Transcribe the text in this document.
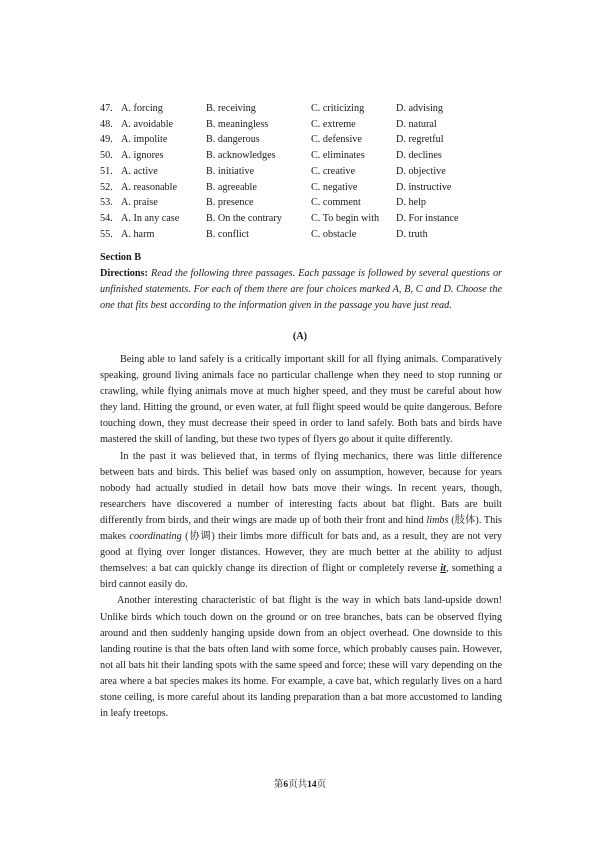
47. A. forcing	B. receiving	C. criticizing	D. advising
48. A. avoidable	B. meaningless	C. extreme	D. natural
49. A. impolite	B. dangerous	C. defensive	D. regretful
50. A. ignores	B. acknowledges	C. eliminates	D. declines
51. A. active	B. initiative	C. creative	D. objective
52. A. reasonable	B. agreeable	C. negative	D. instructive
53. A. praise	B. presence	C. comment	D. help
54. A. In any case	B. On the contrary	C. To begin with	D. For instance
55. A. harm	B. conflict	C. obstacle	D. truth
Section B
Directions: Read the following three passages. Each passage is followed by several questions or unfinished statements. For each of them there are four choices marked A, B, C and D. Choose the one that fits best according to the information given in the passage you have just read.
(A)

Being able to land safely is a critically important skill for all flying animals. Comparatively speaking, ground living animals face no particular challenge when they need to stop running or crawling, while flying animals move at much higher speed, and they must be careful about how they land. Hitting the ground, or even water, at full flight speed would be quite dangerous. Before touching down, they must decrease their speed in order to land safely. Both bats and birds have mastered the skill of landing, but these two types of flyers go about it quite differently.

In the past it was believed that, in terms of flying mechanics, there was little difference between bats and birds. This belief was based only on assumption, however, because for years nobody had actually studied in detail how bats move their wings. In recent years, though, researchers have discovered a number of interesting facts about bat flight. Bats are built differently from birds, and their wings are made up of both their front and hind limbs (肢体). This makes coordinating (协调) their limbs more difficult for bats and, as a result, they are not very good at flying over longer distances. However, they are much better at the ability to adjust themselves: a bat can quickly change its direction of flight or completely reverse it, something a bird cannot easily do.

Another interesting characteristic of bat flight is the way in which bats land-upside down! Unlike birds which touch down on the ground or on tree branches, bats can be observed flying around and then suddenly hanging upside down from an object overhead. One downside to this landing routine is that the bats often land with some force, which probably causes pain. However, not all bats hit their landing spots with the same speed and force; these will vary depending on the area where a bat species makes its home. For example, a cave bat, which regularly lives on a hard stone ceiling, is more careful about its landing preparation than a bat more accustomed to landing in leafy treetops.

第6页共14页
